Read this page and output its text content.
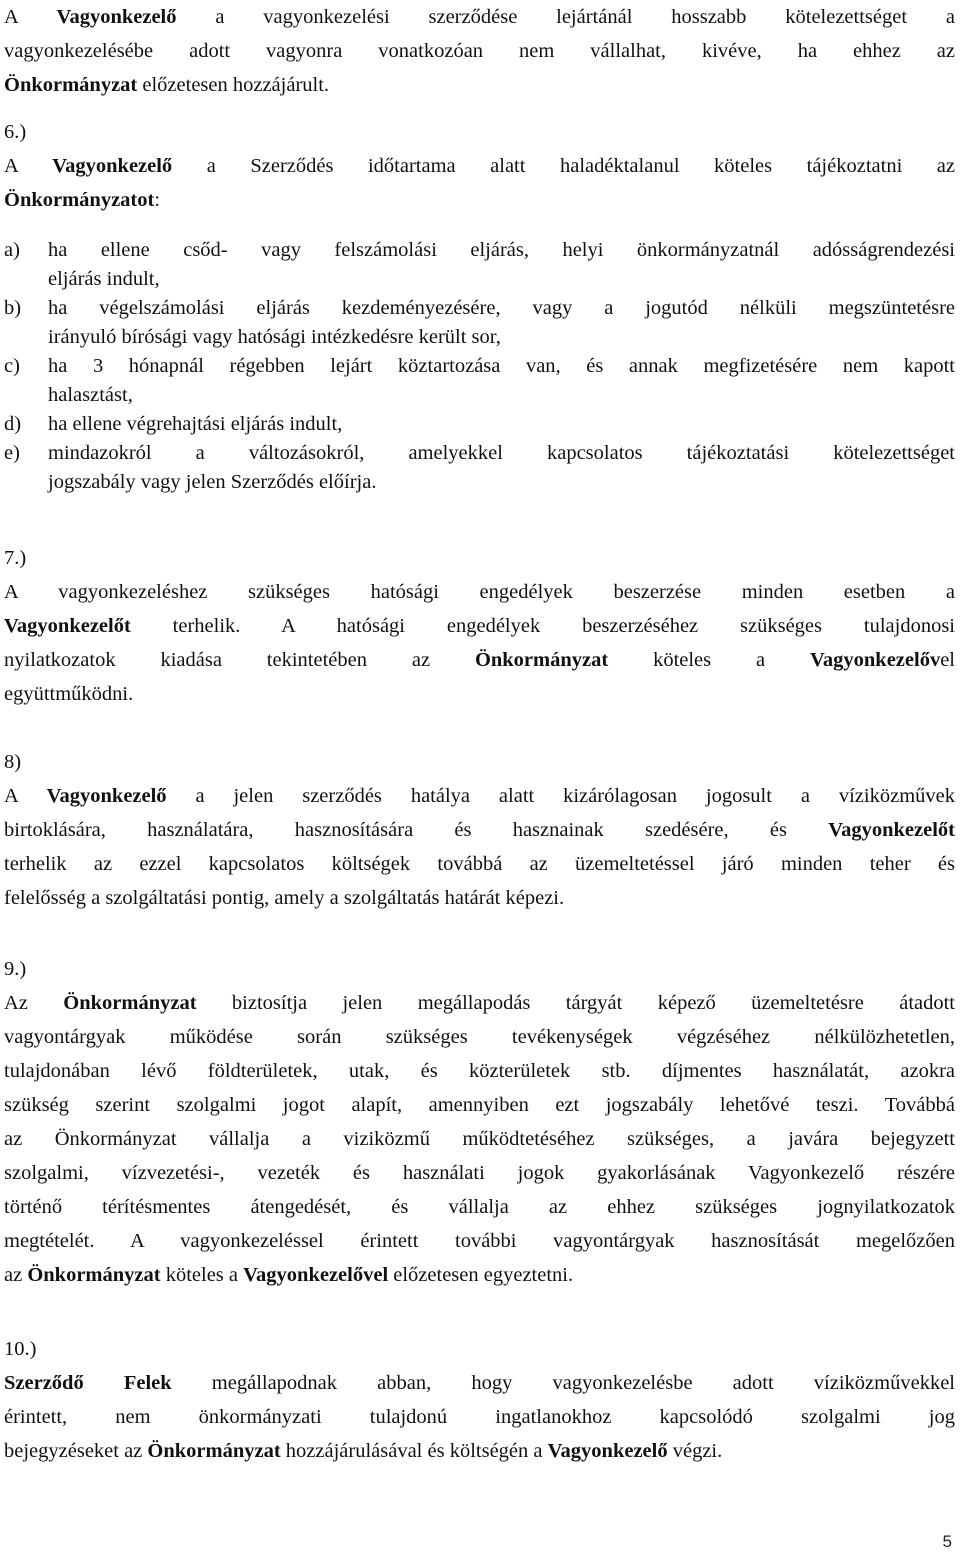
A Vagyonkezelő a vagyonkezelési szerződése lejártánál hosszabb kötelezettséget a
vagyonkezelésébe adott vagyonra vonatkozóan nem vállalhat, kivéve, ha ehhez az
Önkormányzat előzetesen hozzájárult.
6.)
A Vagyonkezelő a Szerződés időtartama alatt haladéktalanul köteles tájékoztatni az
Önkormányzatot:
a)	ha ellene csőd- vagy felszámolási eljárás, helyi önkormányzatnál adósságrendezési
eljárás indult,
b)	ha végelszámolási eljárás kezdeményezésére, vagy a jogutód nélküli megszüntetésre
irányuló bírósági vagy hatósági intézkedésre került sor,
c)	ha 3 hónapnál régebben lejárt köztartozása van, és annak megfizetésére nem kapott
halasztást,
d)	ha ellene végrehajtási eljárás indult,
e)	mindazokról a változásokról, amelyekkel kapcsolatos tájékoztatási kötelezettséget
jogszabály vagy jelen Szerződés előírja.
7.)
A vagyonkezeléshez szükséges hatósági engedélyek beszerzése minden esetben a
Vagyonkezelőt terhelik. A hatósági engedélyek beszerzéséhez szükséges tulajdonosi
nyilatkozatok kiadása tekintetében az Önkormányzat köteles a Vagyonkezelővel
együttműködni.
8)
A Vagyonkezelő a jelen szerződés hatálya alatt kizárólagosan jogosult a víziközművek
birtoklására, használatára, hasznosítására és hasznainak szedésére, és Vagyonkezelőt
terhelik az ezzel kapcsolatos költségek továbbá az üzemeltetéssel járó minden teher és
felelősség a szolgáltatási pontig, amely a szolgáltatás határát képezi.
9.)
Az Önkormányzat biztosítja jelen megállapodás tárgyát képező üzemeltetésre átadott
vagyontárgyak működése során szükséges tevékenységek végzéséhez nélkülözhetetlen,
tulajdonában lévő földterületek, utak, és közterületek stb. díjmentes használatát, azokra
szükség szerint szolgalmi jogot alapít, amennyiben ezt jogszabály lehetővé teszi. Továbbá
az Önkormányzat vállalja a viziközmű működtetéséhez szükséges, a javára bejegyzett
szolgalmi, vízvezetési-, vezeték és használati jogok gyakorlásának Vagyonkezelő részére
történő térítésmentes átengedését, és vállalja az ehhez szükséges jognyilatkozatok
megtételét. A vagyonkezeléssel érintett további vagyontárgyak hasznosítását megelőzően
az Önkormányzat köteles a Vagyonkezelővel előzetesen egyeztetni.
10.)
Szerződő Felek megállapodnak abban, hogy vagyonkezelésbe adott víziközművekkel
érintett, nem önkormányzati tulajdonú ingatlanokhoz kapcsolódó szolgalmi jog
bejegyzéseket az Önkormányzat hozzájárulásával és költségén a Vagyonkezelő végzi.
5
